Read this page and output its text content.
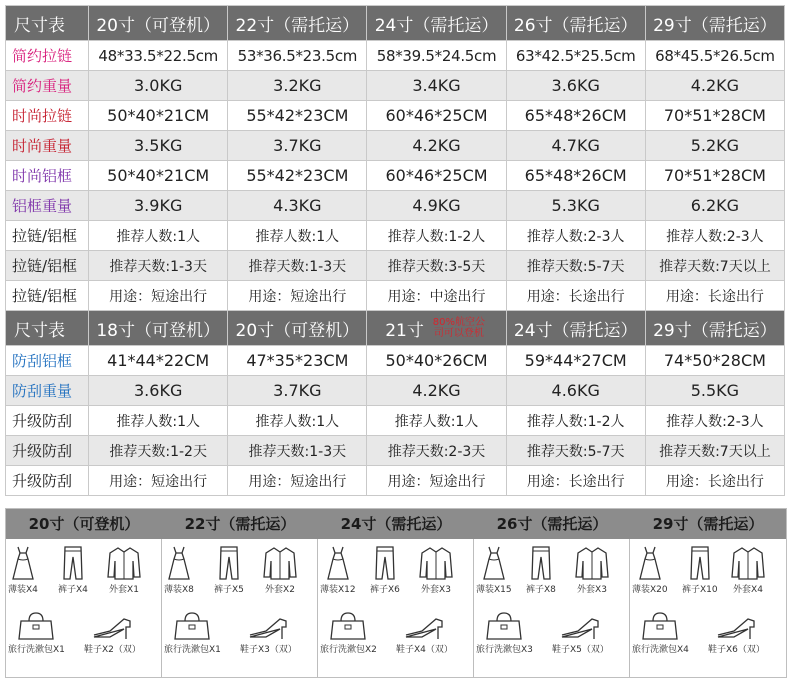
尺寸表	20寸（可登机）	22寸（需托运）	24寸（需托运）	26寸（需托运）	29寸（需托运）
简约拉链	48*33.5*22.5cm	53*36.5*23.5cm	58*39.5*24.5cm	63*42.5*25.5cm	68*45.5*26.5cm
简约重量	3.0KG	3.2KG	3.4KG	3.6KG	4.2KG
时尚拉链	50*40*21CM	55*42*23CM	60*46*25CM	65*48*26CM	70*51*28CM
时尚重量	3.5KG	3.7KG	4.2KG	4.7KG	5.2KG
时尚铝框	50*40*21CM	55*42*23CM	60*46*25CM	65*48*26CM	70*51*28CM
铝框重量	3.9KG	4.3KG	4.9KG	5.3KG	6.2KG
拉链/铝框	推荐人数:1人	推荐人数:1人	推荐人数:1-2人	推荐人数:2-3人	推荐人数:2-3人
拉链/铝框	推荐天数:1-3天	推荐天数:1-3天	推荐天数:3-5天	推荐天数:5-7天	推荐天数:7天以上
拉链/铝框	用途：短途出行	用途：短途出行	用途：中途出行	用途：长途出行	用途：长途出行
尺寸表	18寸（可登机）	20寸（可登机）	21寸 80%航空公司可以登机	24寸（需托运）	29寸（需托运）
防刮铝框	41*44*22CM	47*35*23CM	50*40*26CM	59*44*27CM	74*50*28CM
防刮重量	3.6KG	3.7KG	4.2KG	4.6KG	5.5KG
升级防刮	推荐人数:1人	推荐人数:1人	推荐人数:1人	推荐人数:1-2人	推荐人数:2-3人
升级防刮	推荐天数:1-2天	推荐天数:1-3天	推荐天数:2-3天	推荐天数:5-7天	推荐天数:7天以上
升级防刮	用途：短途出行	用途：短途出行	用途：短途出行	用途：长途出行	用途：长途出行
20寸（可登机）	22寸（需托运）	24寸（需托运）	26寸（需托运）	29寸（需托运）
薄装X4 裤子X4	外套X1
旅行洗漱包X1 鞋子X2（双）
薄装X8 裤子X5	外套X2
旅行洗漱包X1 鞋子X3（双）
薄装X12 裤子X6	外套X3
旅行洗漱包X2 鞋子X4（双）
薄装X15 裤子X8	外套X3
旅行洗漱包X3 鞋子X5（双）
薄装X20 裤子X10	外套X4
旅行洗漱包X4 鞋子X6（双）
